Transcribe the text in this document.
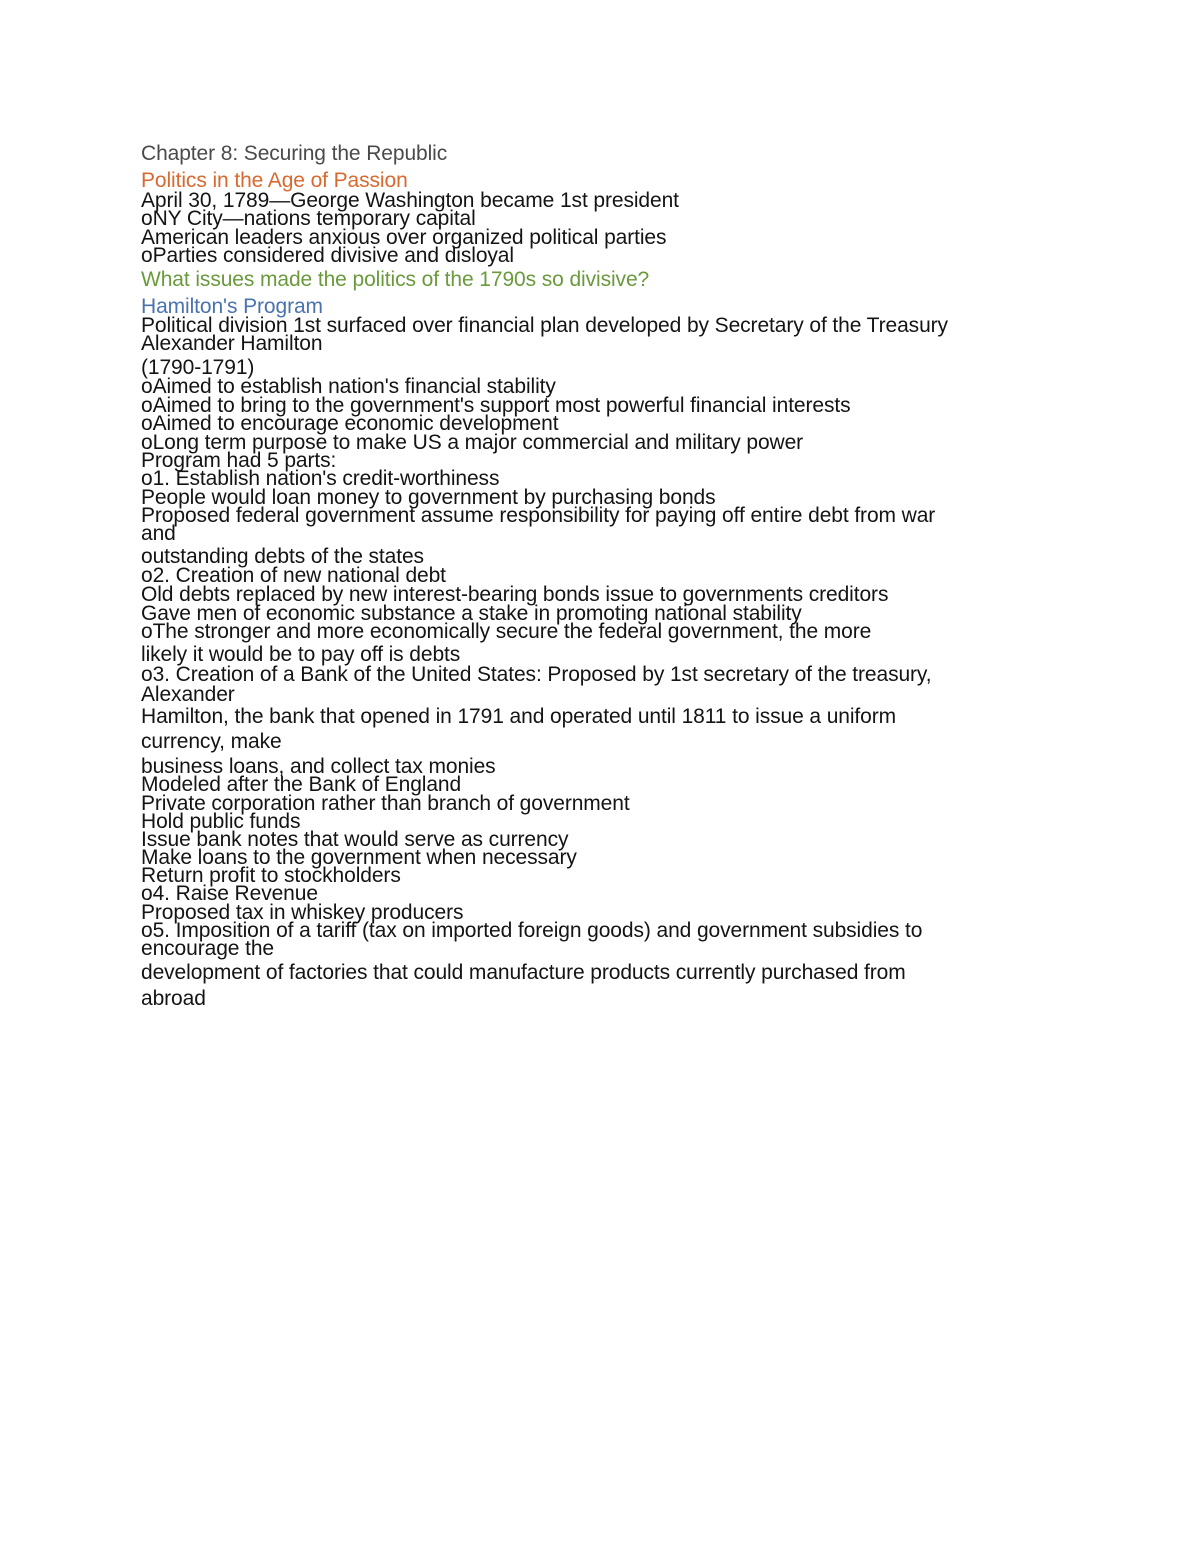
Chapter 8: Securing the Republic

Politics in the Age of Passion

April 30, 1789—George Washington became 1st president

oNY City—nations temporary capital

American leaders anxious over organized political parties

oParties considered divisive and disloyal

What issues made the politics of the 1790s so divisive?

Hamilton's Program

Political division 1st surfaced over financial plan developed by Secretary of the Treasury

Alexander Hamilton

(1790-1791)

oAimed to establish nation's financial stability

oAimed to bring to the government's support most powerful financial interests

oAimed to encourage economic development

oLong term purpose to make US a major commercial and military power

Program had 5 parts:

o1. Establish nation's credit-worthiness

People would loan money to government by purchasing bonds

Proposed federal government assume responsibility for paying off entire debt from war

and

outstanding debts of the states

o2. Creation of new national debt

Old debts replaced by new interest-bearing bonds issue to governments creditors

Gave men of economic substance a stake in promoting national stability

oThe stronger and more economically secure the federal government, the more

likely it would be to pay off is debts

o3. Creation of a Bank of the United States: Proposed by 1st secretary of the treasury,

Alexander

Hamilton, the bank that opened in 1791 and operated until 1811 to issue a uniform

currency, make

business loans, and collect tax monies

Modeled after the Bank of England

Private corporation rather than branch of government

Hold public funds

Issue bank notes that would serve as currency

Make loans to the government when necessary

Return profit to stockholders

o4. Raise Revenue

Proposed tax in whiskey producers

o5. Imposition of a tariff (tax on imported foreign goods) and government subsidies to

encourage the

development of factories that could manufacture products currently purchased from

abroad
